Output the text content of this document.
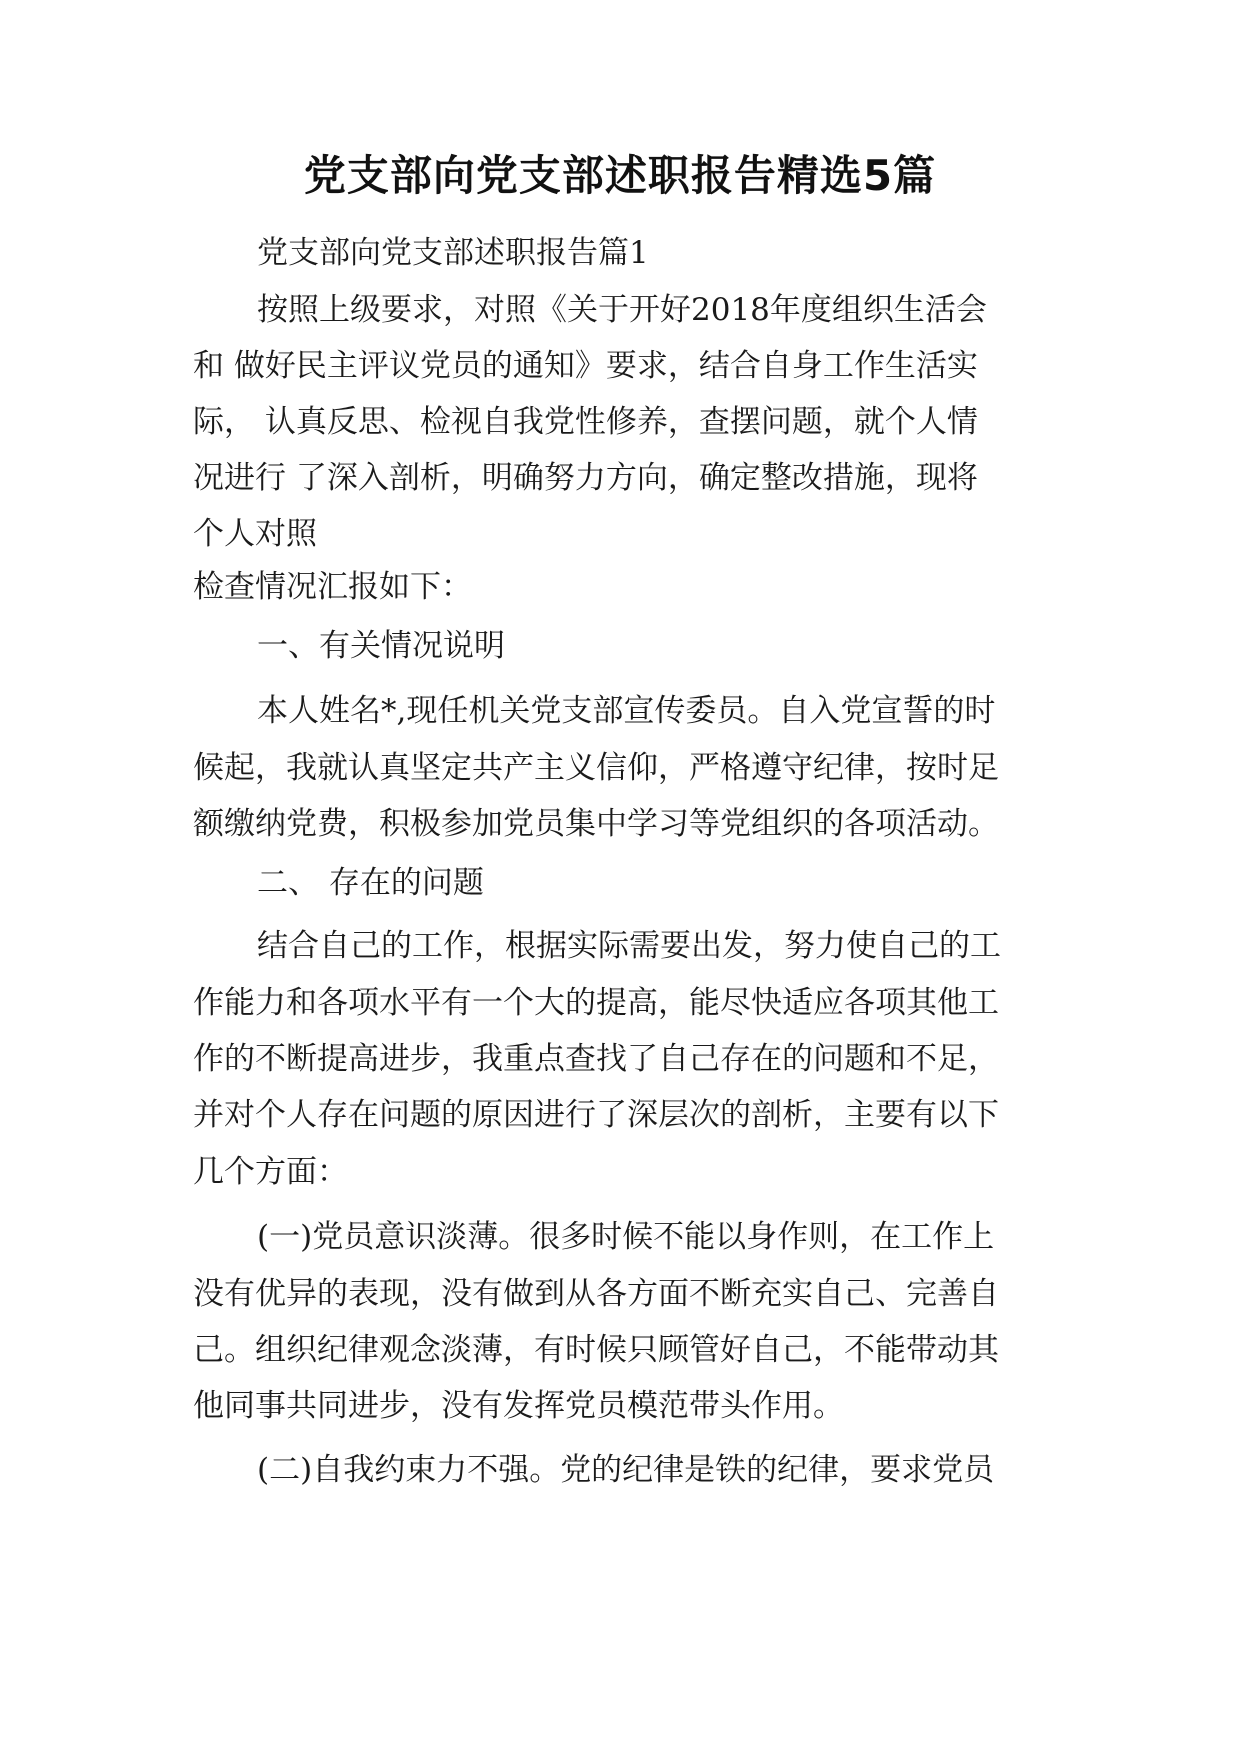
党支部向党支部述职报告精选5篇

党支部向党支部述职报告篇1

按照上级要求，对照《关于开好2018年度组织生活会

和 做好民主评议党员的通知》要求，结合自身工作生活实

际， 认真反思、检视自我党性修养，查摆问题，就个人情

况进行 了深入剖析，明确努力方向，确定整改措施，现将

个人对照

检查情况汇报如下：

一、有关情况说明

本人姓名*,现任机关党支部宣传委员。自入党宣誓的时

候起，我就认真坚定共产主义信仰，严格遵守纪律，按时足

额缴纳党费，积极参加党员集中学习等党组织的各项活动。

二、 存在的问题

结合自己的工作，根据实际需要出发，努力使自己的工

作能力和各项水平有一个大的提高，能尽快适应各项其他工

作的不断提高进步，我重点查找了自己存在的问题和不足，

并对个人存在问题的原因进行了深层次的剖析，主要有以下

几个方面：

(一)党员意识淡薄。很多时候不能以身作则，在工作上

没有优异的表现，没有做到从各方面不断充实自己、完善自

己。组织纪律观念淡薄，有时候只顾管好自己，不能带动其

他同事共同进步，没有发挥党员模范带头作用。

(二)自我约束力不强。党的纪律是铁的纪律，要求党员
